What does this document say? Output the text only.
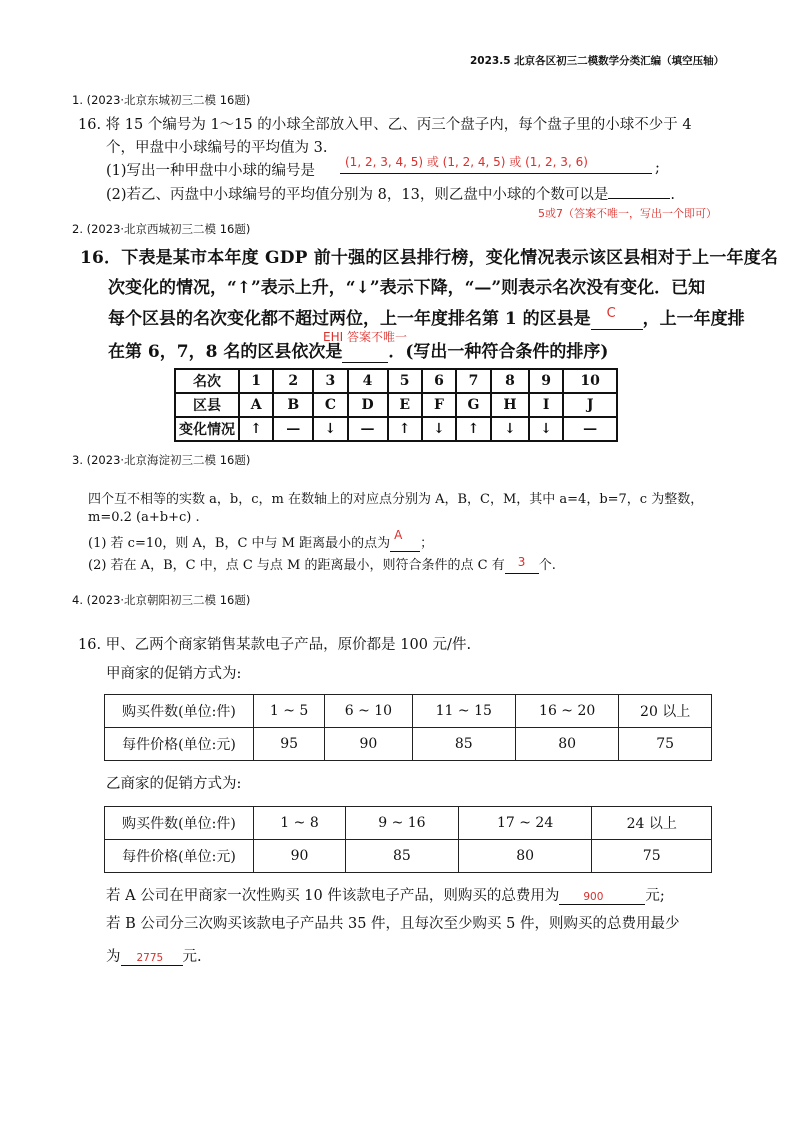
2023.5 北京各区初三二模数学分类汇编（填空压轴）
1. (2023·北京东城初三二模 16题)
16. 将 15 个编号为 1～15 的小球全部放入甲、乙、丙三个盘子内，每个盘子里的小球不少于 4
个，甲盘中小球编号的平均值为 3.
(1)写出一种甲盘中小球的编号是
(1, 2, 3, 4, 5) 或 (1, 2, 4, 5) 或 (1, 2, 3, 6)	;
(2)若乙、丙盘中小球编号的平均值分别为 8，13，则乙盘中小球的个数可以是	.
5或7（答案不唯一，写出一个即可）
2. (2023·北京西城初三二模 16题)
16．下表是某市本年度 GDP 前十强的区县排行榜，变化情况表示该区县相对于上一年度名
次变化的情况，“↑”表示上升，“↓”表示下降，“—”则表示名次没有变化．已知
每个区县的名次变化都不超过两位，上一年度排名第 1 的区县是 C ，上一年度排
EHI 答案不唯一
在第 6，7，8 名的区县依次是	．(写出一种符合条件的排序)
名次	1	2	3	4	5	6	7	8	9	10
区县	A	B	C	D	E	F	G	H	I	J
变化情况	↑	—	↓	—	↑	↓	↑	↓	↓	—
3. (2023·北京海淀初三二模 16题)
四个互不相等的实数 a，b，c，m 在数轴上的对应点分别为 A，B，C，M，其中 a=4，b=7，c 为整数，
m=0.2 (a+b+c) .
(1) 若 c=10，则 A，B，C 中与 M 距离最小的点为
A
；
(2) 若在 A，B，C 中，点 C 与点 M 的距离最小，则符合条件的点 C 有 3 个.
4. (2023·北京朝阳初三二模 16题)
16. 甲、乙两个商家销售某款电子产品，原价都是 100 元/件.
甲商家的促销方式为:
购买件数(单位:件)	1 ~ 5	6 ~ 10	11 ~ 15	16 ~ 20	20 以上
每件价格(单位:元)	95	90	85	80	75
乙商家的促销方式为:
购买件数(单位:件)	1 ~ 8	9 ~ 16	17 ~ 24	24 以上
每件价格(单位:元)	90	85	80	75
若 A 公司在甲商家一次性购买 10 件该款电子产品，则购买的总费用为 900	元;
若 B 公司分三次购买该款电子产品共 35 件，且每次至少购买 5 件，则购买的总费用最少
为 2775 元.
